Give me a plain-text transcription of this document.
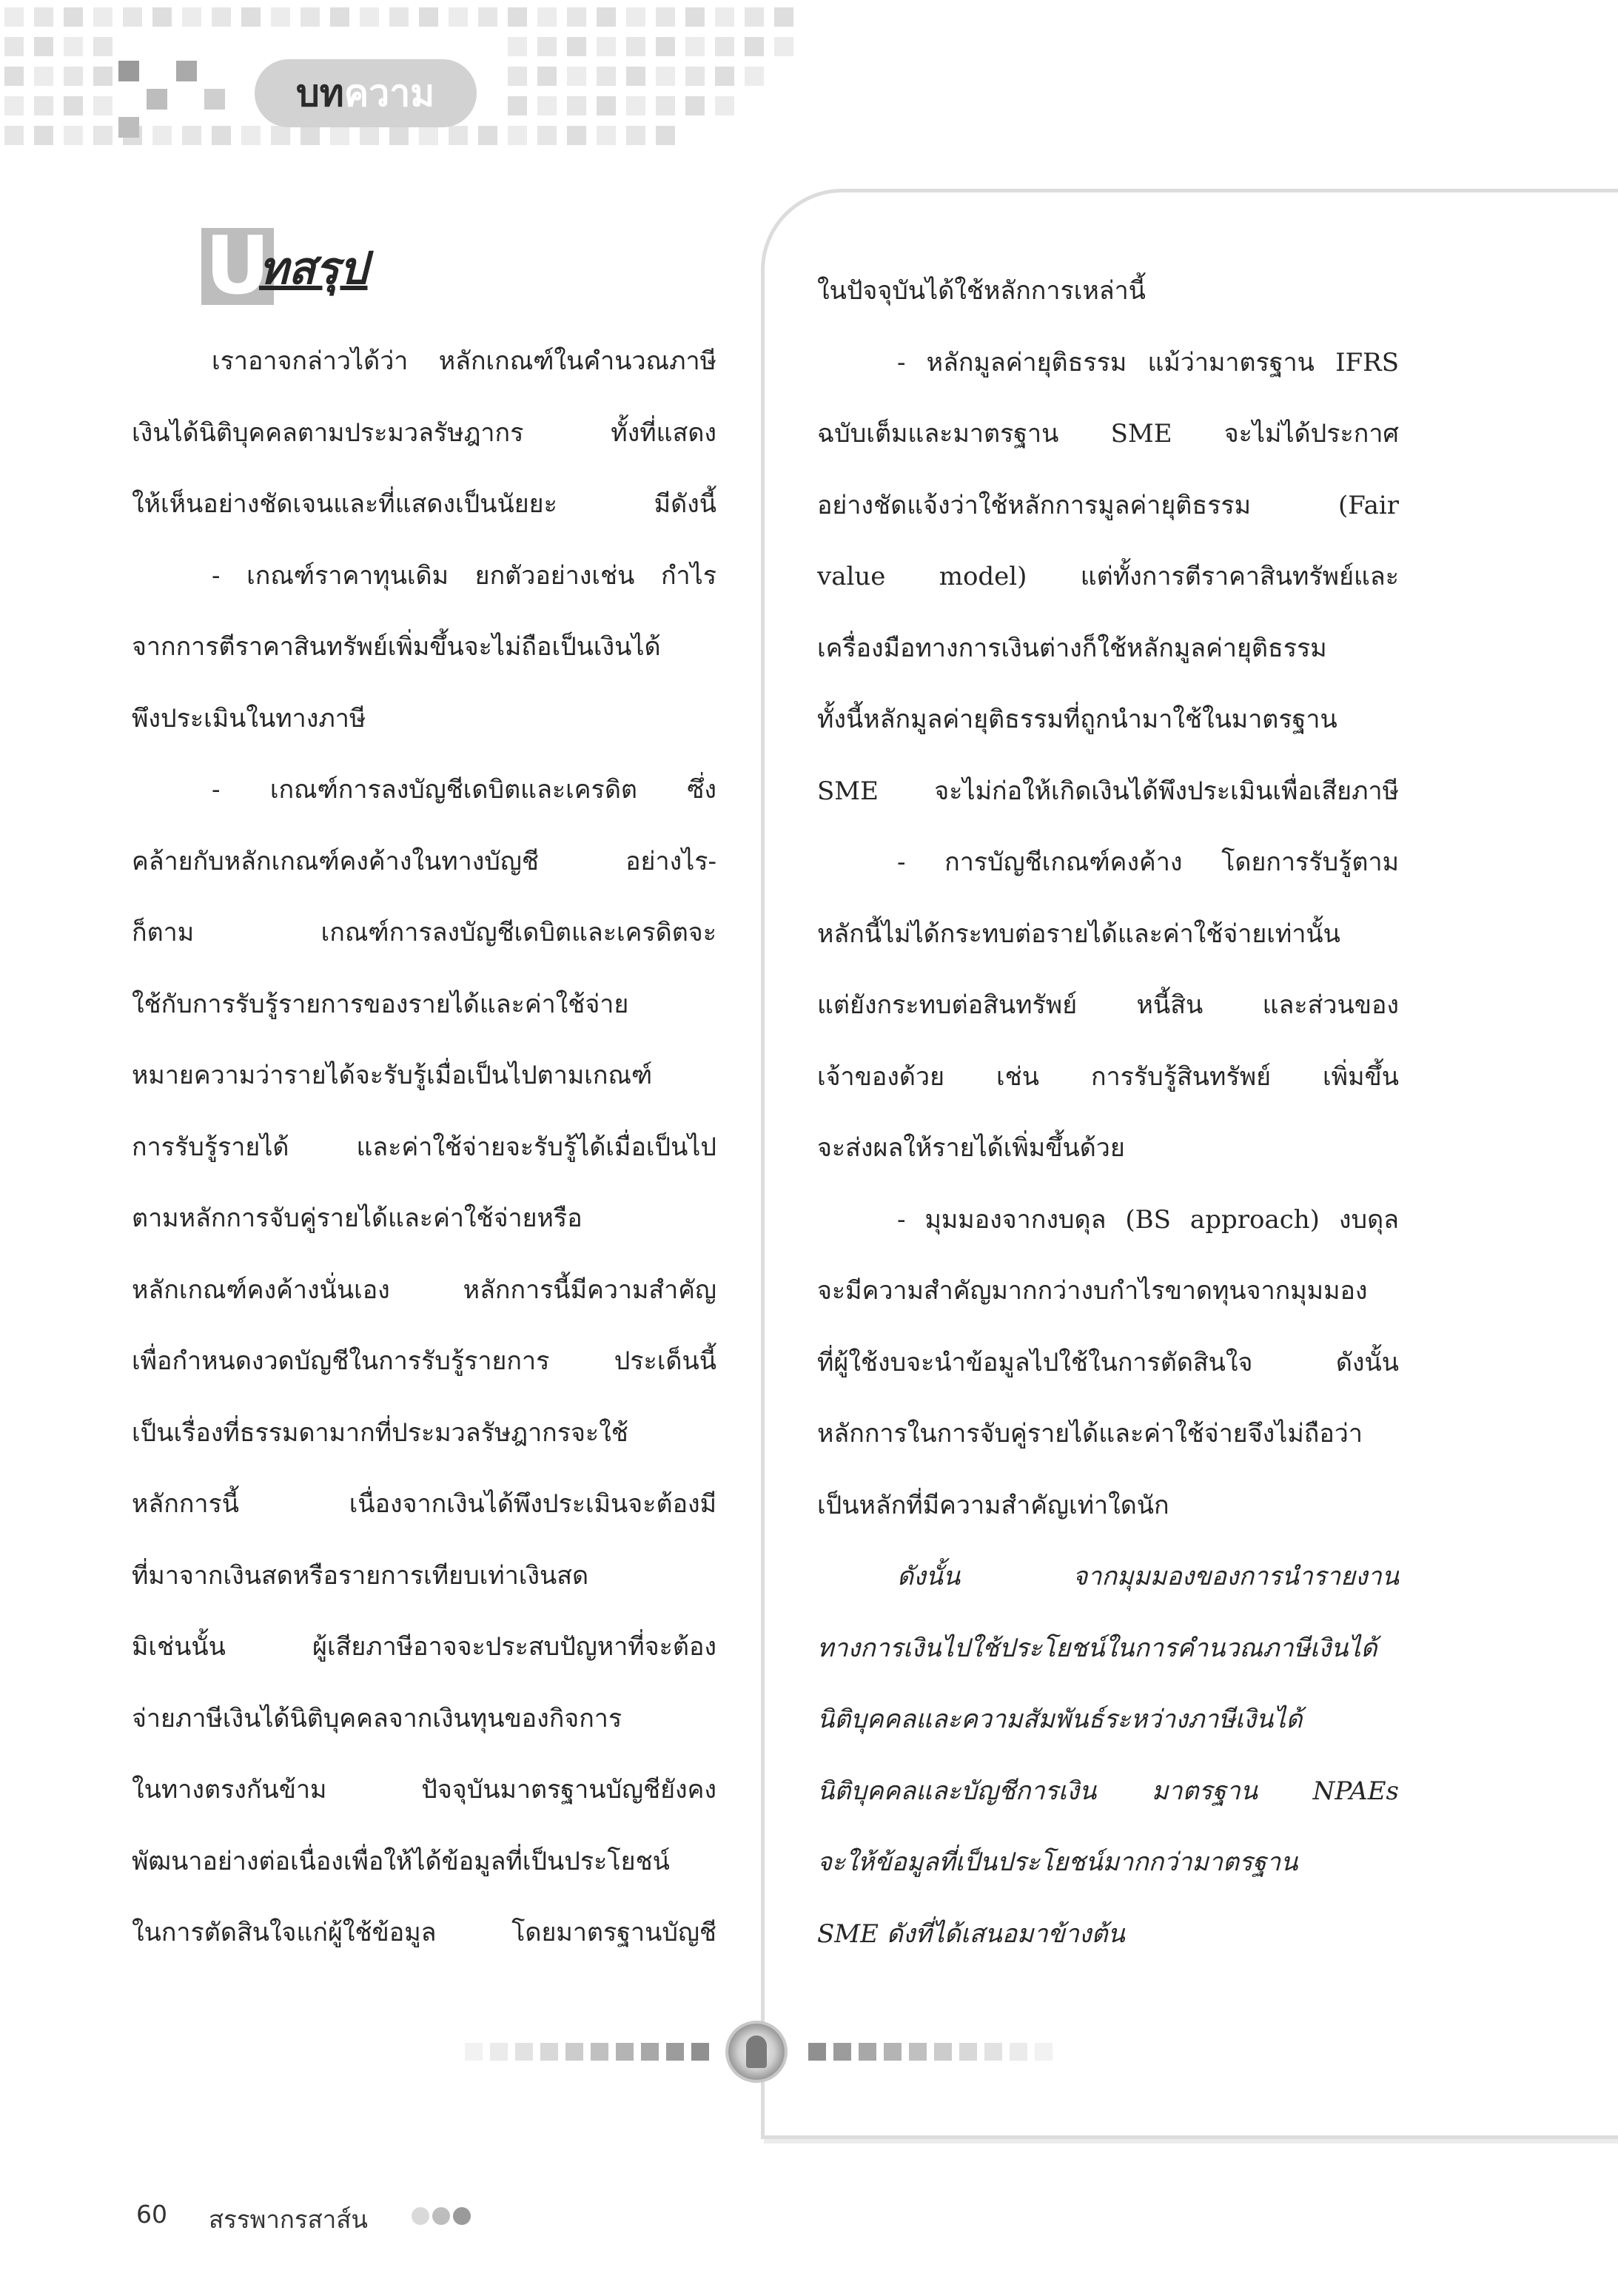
บท ความ
U
ทสรุป
เราอาจกล่าวได้ว่า หลักเกณฑ์ในคำนวณภาษี
เงินได้นิติบุคคลตามประมวลรัษฎากร ทั้งที่แสดง
ให้เห็นอย่างชัดเจนและที่แสดงเป็นนัยยะ มีดังนี้
- เกณฑ์ราคาทุนเดิม ยกตัวอย่างเช่น กำไร
จากการตีราคาสินทรัพย์เพิ่มขึ้นจะไม่ถือเป็นเงินได้
พึงประเมินในทางภาษี
- เกณฑ์การลงบัญชีเดบิตและเครดิต ซึ่ง
คล้ายกับหลักเกณฑ์คงค้างในทางบัญชี อย่างไร-
ก็ตาม เกณฑ์การลงบัญชีเดบิตและเครดิตจะ
ใช้กับการรับรู้รายการของรายได้และค่าใช้จ่าย
หมายความว่ารายได้จะรับรู้เมื่อเป็นไปตามเกณฑ์
การรับรู้รายได้ และค่าใช้จ่ายจะรับรู้ได้เมื่อเป็นไป
ตามหลักการจับคู่รายได้และค่าใช้จ่ายหรือ
หลักเกณฑ์คงค้างนั่นเอง หลักการนี้มีความสำคัญ
เพื่อกำหนดงวดบัญชีในการรับรู้รายการ ประเด็นนี้
เป็นเรื่องที่ธรรมดามากที่ประมวลรัษฎากรจะใช้
หลักการนี้ เนื่องจากเงินได้พึงประเมินจะต้องมี
ที่มาจากเงินสดหรือรายการเทียบเท่าเงินสด
มิเช่นนั้น ผู้เสียภาษีอาจจะประสบปัญหาที่จะต้อง
จ่ายภาษีเงินได้นิติบุคคลจากเงินทุนของกิจการ
ในทางตรงกันข้าม ปัจจุบันมาตรฐานบัญชียังคง
พัฒนาอย่างต่อเนื่องเพื่อให้ได้ข้อมูลที่เป็นประโยชน์
ในการตัดสินใจแก่ผู้ใช้ข้อมูล โดยมาตรฐานบัญชี
ในปัจจุบันได้ใช้หลักการเหล่านี้
- หลักมูลค่ายุติธรรม แม้ว่ามาตรฐาน IFRS
ฉบับเต็มและมาตรฐาน SME จะไม่ได้ประกาศ
อย่างชัดแจ้งว่าใช้หลักการมูลค่ายุติธรรม (Fair
value model) แต่ทั้งการตีราคาสินทรัพย์และ
เครื่องมือทางการเงินต่างก็ใช้หลักมูลค่ายุติธรรม
ทั้งนี้หลักมูลค่ายุติธรรมที่ถูกนำมาใช้ในมาตรฐาน
SME จะไม่ก่อให้เกิดเงินได้พึงประเมินเพื่อเสียภาษี
- การบัญชีเกณฑ์คงค้าง โดยการรับรู้ตาม
หลักนี้ไม่ได้กระทบต่อรายได้และค่าใช้จ่ายเท่านั้น
แต่ยังกระทบต่อสินทรัพย์ หนี้สิน และส่วนของ
เจ้าของด้วย เช่น การรับรู้สินทรัพย์ เพิ่มขึ้น
จะส่งผลให้รายได้เพิ่มขึ้นด้วย
- มุมมองจากงบดุล (BS approach) งบดุล
จะมีความสำคัญมากกว่างบกำไรขาดทุนจากมุมมอง
ที่ผู้ใช้งบจะนำข้อมูลไปใช้ในการตัดสินใจ ดังนั้น
หลักการในการจับคู่รายได้และค่าใช้จ่ายจึงไม่ถือว่า
เป็นหลักที่มีความสำคัญเท่าใดนัก
ดังนั้น จากมุมมองของการนำรายงาน
ทางการเงินไปใช้ประโยชน์ในการคำนวณภาษีเงินได้
นิติบุคคลและความสัมพันธ์ระหว่างภาษีเงินได้
นิติบุคคลและบัญชีการเงิน มาตรฐาน NPAEs
จะให้ข้อมูลที่เป็นประโยชน์มากกว่ามาตรฐาน
SME ดังที่ได้เสนอมาข้างต้น
60 สรรพากรสาส์น
